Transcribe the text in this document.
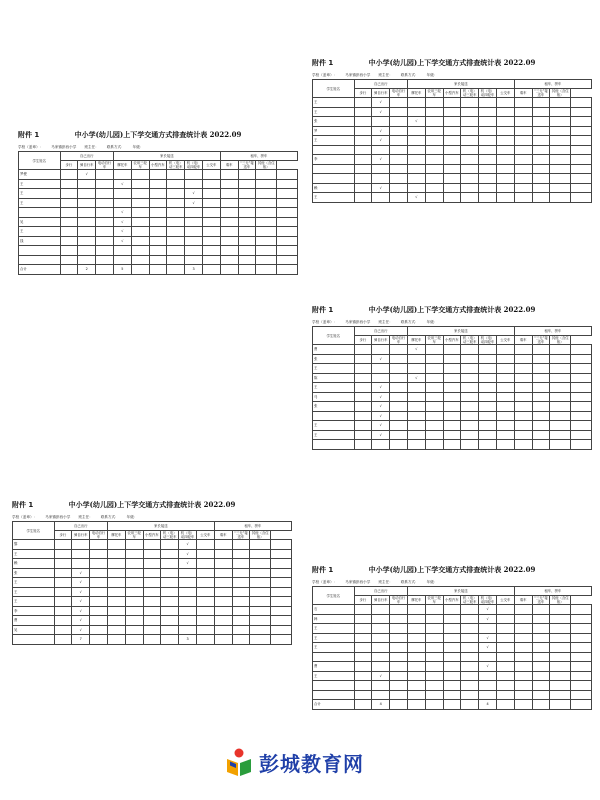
附件 1	中小学(幼儿园)上下学交通方式排查统计表 2022.09
学校（盖章）： 马家镇彭西小学 班主任： 联系方式： 年级：
学生姓名	自己出行			家长接送						租车、拼车			
	步行	骑自行车	电动自行车	摩托车	农用三轮车	小型汽车	机（电）动三轮车	机（电）动四轮车	公交车	乘车	“三无”接送车	其他（含住宿）	
罗俊		√											
王				√									
王								√					
王								√					
				√									
吴				√									
王				√									
钱				√									

合计		2		5				3					
附件 1	中小学(幼儿园)上下学交通方式排查统计表 2022.09
学校（盖章）： 马家镇彭西小学 班主任： 联系方式： 年级：
学生姓名	自己出行			家长接送						租车、拼车			
	步行	骑自行车	电动自行车	摩托车	农用三轮车	小型汽车	机（电）动三轮车	机（电）动四轮车	公交车	乘车	“三无”接送车	其他（含住宿）	
王		√											
王		√											
张				√									
罗		√											
王		√											

李		√											

赖		√											
王				√									
附件 1	中小学(幼儿园)上下学交通方式排查统计表 2022.09
学校（盖章）： 马家镇彭西小学 班主任： 联系方式： 年级：
学生姓名	自己出行			家长接送						租车、拼车			
	步行	骑自行车	电动自行车	摩托车	农用三轮车	小型汽车	机（电）动三轮车	机（电）动四轮车	公交车	乘车	“三无”接送车	其他（含住宿）	
曹				√									
张		√											
王													
陈				√									
王		√											
马		√											
张		√											
		√											
王		√											
王		√											

附件 1	中小学(幼儿园)上下学交通方式排查统计表 2022.09
学校（盖章）： 马家镇彭西小学 班主任： 联系方式： 年级：
学生姓名	自己出行			家长接送						租车、拼车			
	步行	骑自行车	电动自行车	摩托车	农用三轮车	小型汽车	机（电）动三轮车	机（电）动四轮车	公交车	乘车	“三无”接送车	其他（含住宿）	
黎								√					
王								√					
赖								√					
张		√											
王		√											
王		√											
王		√											
李		√											
曹		√											
吴		√											
		7						3					
附件 1	中小学(幼儿园)上下学交通方式排查统计表 2022.09
学校（盖章）： 马家镇彭西小学 班主任： 联系方式： 年级：
学生姓名	自己出行			家长接送						租车、拼车			
	步行	骑自行车	电动自行车	摩托车	农用三轮车	小型汽车	机（电）动三轮车	机（电）动四轮车	公交车	乘车	“三无”接送车	其他（含住宿）	
石								√					
韩								√					
王													
王								√					
王								√					

曹								√					
王		√											

合计		4						4					
彭城教育网
